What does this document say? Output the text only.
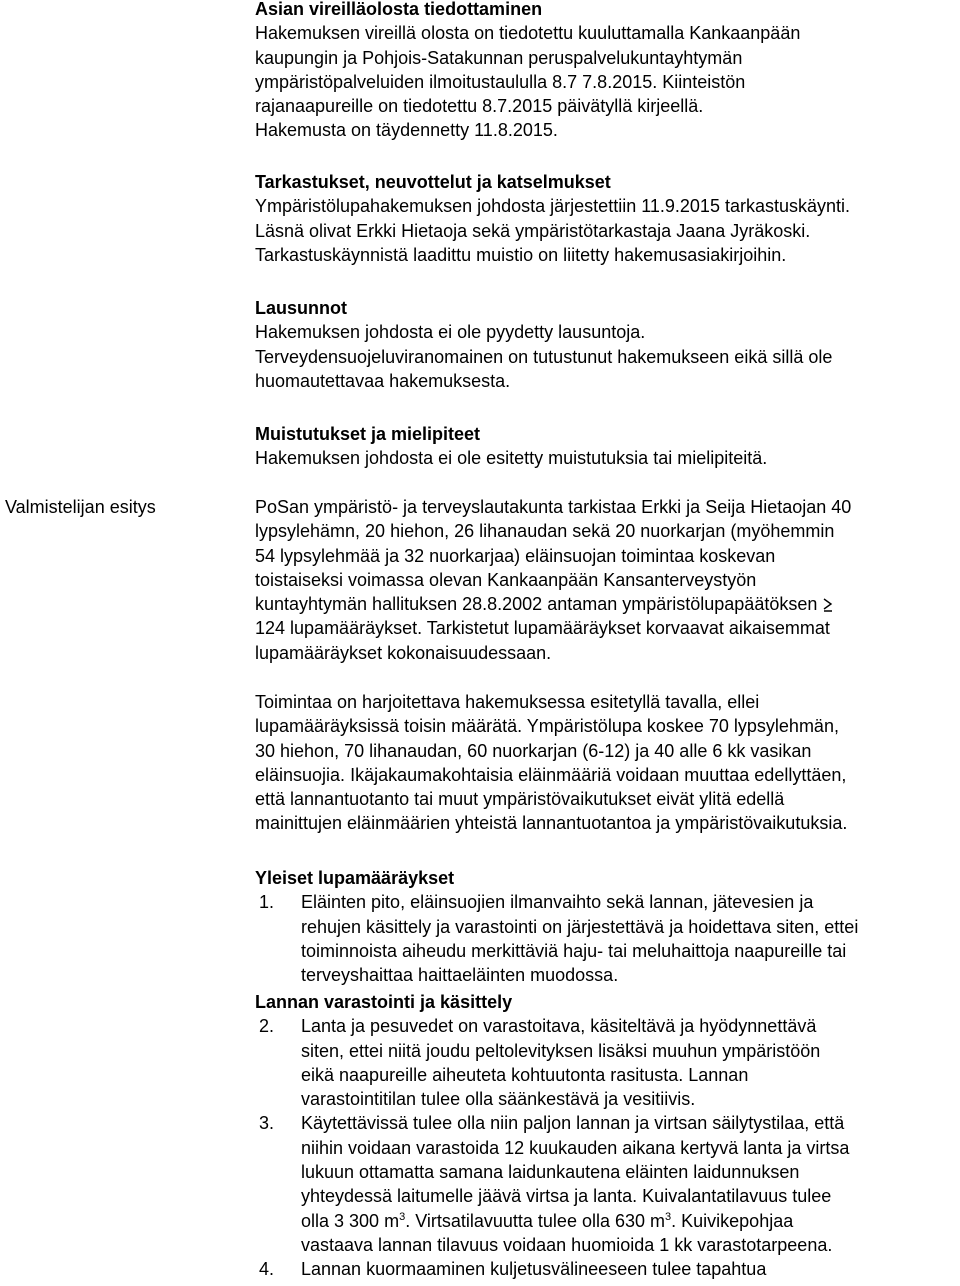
Asian vireilläolosta tiedottaminen

Hakemuksen vireillä olosta on tiedotettu kuuluttamalla Kankaanpään

kaupungin ja Pohjois-Satakunnan peruspalvelukuntayhtymän

ympäristöpalveluiden ilmoitustaululla 8.7 7.8.2015. Kiinteistön

rajanaapureille on tiedotettu 8.7.2015 päivätyllä kirjeellä.

Hakemusta on täydennetty 11.8.2015.

Tarkastukset, neuvottelut ja katselmukset

Ympäristölupahakemuksen johdosta järjestettiin 11.9.2015 tarkastuskäynti.

Läsnä olivat Erkki Hietaoja sekä ympäristötarkastaja Jaana Jyräkoski.

Tarkastuskäynnistä laadittu muistio on liitetty hakemusasiakirjoihin.

Lausunnot

Hakemuksen johdosta ei ole pyydetty lausuntoja.

Terveydensuojeluviranomainen on tutustunut hakemukseen eikä sillä ole

huomautettavaa hakemuksesta.

Muistutukset ja mielipiteet

Hakemuksen johdosta ei ole esitetty muistutuksia tai mielipiteitä.

Valmistelijan esitys	PoSan ympäristö- ja terveyslautakunta tarkistaa Erkki ja Seija Hietaojan 40

lypsylehämn, 20 hiehon, 26 lihanaudan sekä 20 nuorkarjan (myöhemmin

54 lypsylehmää ja 32 nuorkarjaa) eläinsuojan toimintaa koskevan

toistaiseksi voimassa olevan Kankaanpään Kansanterveystyön

kuntayhtymän hallituksen 28.8.2002 antaman ympäristölupapäätöksen

124 lupamääräykset. Tarkistetut lupamääräykset korvaavat aikaisemmat

lupamääräykset kokonaisuudessaan.

Toimintaa on harjoitettava hakemuksessa esitetyllä tavalla, ellei

lupamääräyksissä toisin määrätä. Ympäristölupa koskee 70 lypsylehmän,

30 hiehon, 70 lihanaudan, 60 nuorkarjan (6-12) ja 40 alle 6 kk vasikan

eläinsuojia. Ikäjakaumakohtaisia eläinmääriä voidaan muuttaa edellyttäen,

että lannantuotanto tai muut ympäristövaikutukset eivät ylitä edellä

mainittujen eläinmäärien yhteistä lannantuotantoa ja ympäristövaikutuksia.

Yleiset lupamääräykset

1. Eläinten pito, eläinsuojien ilmanvaihto sekä lannan, jätevesien ja

rehujen käsittely ja varastointi on järjestettävä ja hoidettava siten, ettei

toiminnoista aiheudu merkittäviä haju- tai meluhaittoja naapureille tai

terveyshaittaa haittaeläinten muodossa.

Lannan varastointi ja käsittely

2. Lanta ja pesuvedet on varastoitava, käsiteltävä ja hyödynnettävä

siten, ettei niitä joudu peltolevityksen lisäksi muuhun ympäristöön

eikä naapureille aiheuteta kohtuutonta rasitusta. Lannan

varastointitilan tulee olla säänkestävä ja vesitiivis.

3. Käytettävissä tulee olla niin paljon lannan ja virtsan säilytystilaa, että

niihin voidaan varastoida 12 kuukauden aikana kertyvä lanta ja virtsa

lukuun ottamatta samana laidunkautena eläinten laidunnuksen

yhteydessä laitumelle jäävä virtsa ja lanta. Kuivalantatilavuus tulee

olla 3 300 $m^3$. Virtsatilavuutta tulee olla 630 $m^3$. Kuivikepohjaa

vastaava lannan tilavuus voidaan huomioida 1 kk varastotarpeena.

4. Lannan kuormaaminen kuljetusvälineeseen tulee tapahtua
